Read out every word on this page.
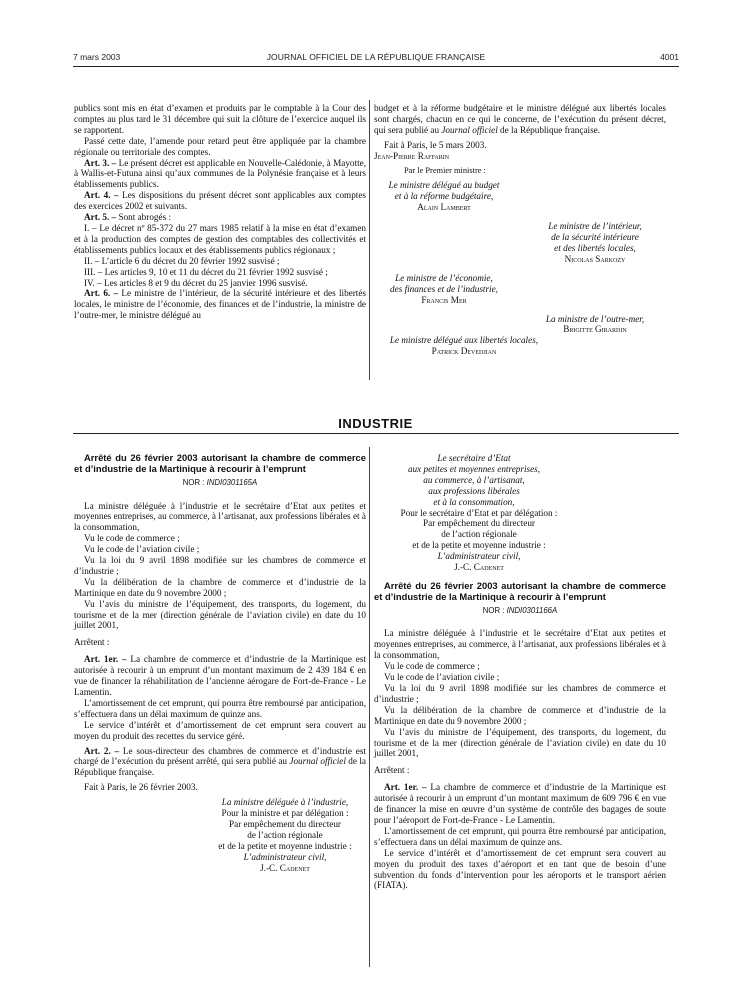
7 mars 2003	JOURNAL OFFICIEL DE LA RÉPUBLIQUE FRANÇAISE	4001

publics sont mis en état d’examen et produits par le comptable à la Cour des comptes au plus tard le 31 décembre qui suit la clôture de l’exercice auquel ils se rapportent.

Passé cette date, l’amende pour retard peut être appliquée par la chambre régionale ou territoriale des comptes.

Art. 3. – Le présent décret est applicable en Nouvelle-Calédonie, à Mayotte, à Wallis-et-Futuna ainsi qu’aux communes de la Polynésie française et à leurs établissements publics.

Art. 4. – Les dispositions du présent décret sont applicables aux comptes des exercices 2002 et suivants.

Art. 5. – Sont abrogés :

I. – Le décret nº 85-372 du 27 mars 1985 relatif à la mise en état d’examen et à la production des comptes de gestion des comptables des collectivités et établissements publics locaux et des établissements publics régionaux ;

II. – L’article 6 du décret du 20 février 1992 susvisé ;

III. – Les articles 9, 10 et 11 du décret du 21 février 1992 susvisé ;

IV. – Les articles 8 et 9 du décret du 25 janvier 1996 susvisé.

Art. 6. – Le ministre de l’intérieur, de la sécurité intérieure et des libertés locales, le ministre de l’économie, des finances et de l’industrie, la ministre de l’outre-mer, le ministre délégué au

budget et à la réforme budgétaire et le ministre délégué aux libertés locales sont chargés, chacun en ce qui le concerne, de l’exécution du présent décret, qui sera publié au Journal officiel de la République française.

Fait à Paris, le 5 mars 2003.

Jean-Pierre Raffarin

Par le Premier ministre :

Le ministre délégué au budget
et à la réforme budgétaire,
Alain Lambert
Le ministre de l’intérieur,
de la sécurité intérieure
et des libertés locales,
Nicolas Sarkozy
Le ministre de l’économie,
des finances et de l’industrie,
Francis Mer
La ministre de l’outre-mer,
Brigitte Girardin
Le ministre délégué aux libertés locales,
Patrick Devedjian
INDUSTRIE

Arrêté du 26 février 2003 autorisant la chambre de commerce et d’industrie de la Martinique à recourir à l’emprunt

NOR : INDI0301165A

La ministre déléguée à l’industrie et le secrétaire d’Etat aux petites et moyennes entreprises, au commerce, à l’artisanat, aux professions libérales et à la consommation,

Vu le code de commerce ;

Vu le code de l’aviation civile ;

Vu la loi du 9 avril 1898 modifiée sur les chambres de commerce et d’industrie ;

Vu la délibération de la chambre de commerce et d’industrie de la Martinique en date du 9 novembre 2000 ;

Vu l’avis du ministre de l’équipement, des transports, du logement, du tourisme et de la mer (direction générale de l’aviation civile) en date du 10 juillet 2001,

Arrêtent :

Art. 1er. – La chambre de commerce et d’industrie de la Martinique est autorisée à recourir à un emprunt d’un montant maximum de 2 439 184 € en vue de financer la réhabilitation de l’ancienne aérogare de Fort-de-France - Le Lamentin.

L’amortissement de cet emprunt, qui pourra être remboursé par anticipation, s’effectuera dans un délai maximum de quinze ans.

Le service d’intérêt et d’amortissement de cet emprunt sera couvert au moyen du produit des recettes du service géré.

Art. 2. – Le sous-directeur des chambres de commerce et d’industrie est chargé de l’exécution du présent arrêté, qui sera publié au Journal officiel de la République française.

Fait à Paris, le 26 février 2003.

La ministre déléguée à l’industrie,
Pour la ministre et par délégation :
Par empêchement du directeur
de l’action régionale
et de la petite et moyenne industrie :
L’administrateur civil,
J.-C. Cadenet
Le secrétaire d’Etat
aux petites et moyennes entreprises,
au commerce, à l’artisanat,
aux professions libérales
et à la consommation,
Pour le secrétaire d’Etat et par délégation :
Par empêchement du directeur
de l’action régionale
et de la petite et moyenne industrie :
L’administrateur civil,
J.-C. Cadenet

Arrêté du 26 février 2003 autorisant la chambre de commerce et d’industrie de la Martinique à recourir à l’emprunt

NOR : INDI0301166A

La ministre déléguée à l’industrie et le secrétaire d’Etat aux petites et moyennes entreprises, au commerce, à l’artisanat, aux professions libérales et à la consommation,

Vu le code de commerce ;

Vu le code de l’aviation civile ;

Vu la loi du 9 avril 1898 modifiée sur les chambres de commerce et d’industrie ;

Vu la délibération de la chambre de commerce et d’industrie de la Martinique en date du 9 novembre 2000 ;

Vu l’avis du ministre de l’équipement, des transports, du logement, du tourisme et de la mer (direction générale de l’aviation civile) en date du 10 juillet 2001,

Arrêtent :

Art. 1er. – La chambre de commerce et d’industrie de la Martinique est autorisée à recourir à un emprunt d’un montant maximum de 609 796 € en vue de financer la mise en œuvre d’un système de contrôle des bagages de soute pour l’aéroport de Fort-de-France - Le Lamentin.

L’amortissement de cet emprunt, qui pourra être remboursé par anticipation, s’effectuera dans un délai maximum de quinze ans.

Le service d’intérêt et d’amortissement de cet emprunt sera couvert au moyen du produit des taxes d’aéroport et en tant que de besoin d’une subvention du fonds d’intervention pour les aéroports et le transport aérien (FIATA).
